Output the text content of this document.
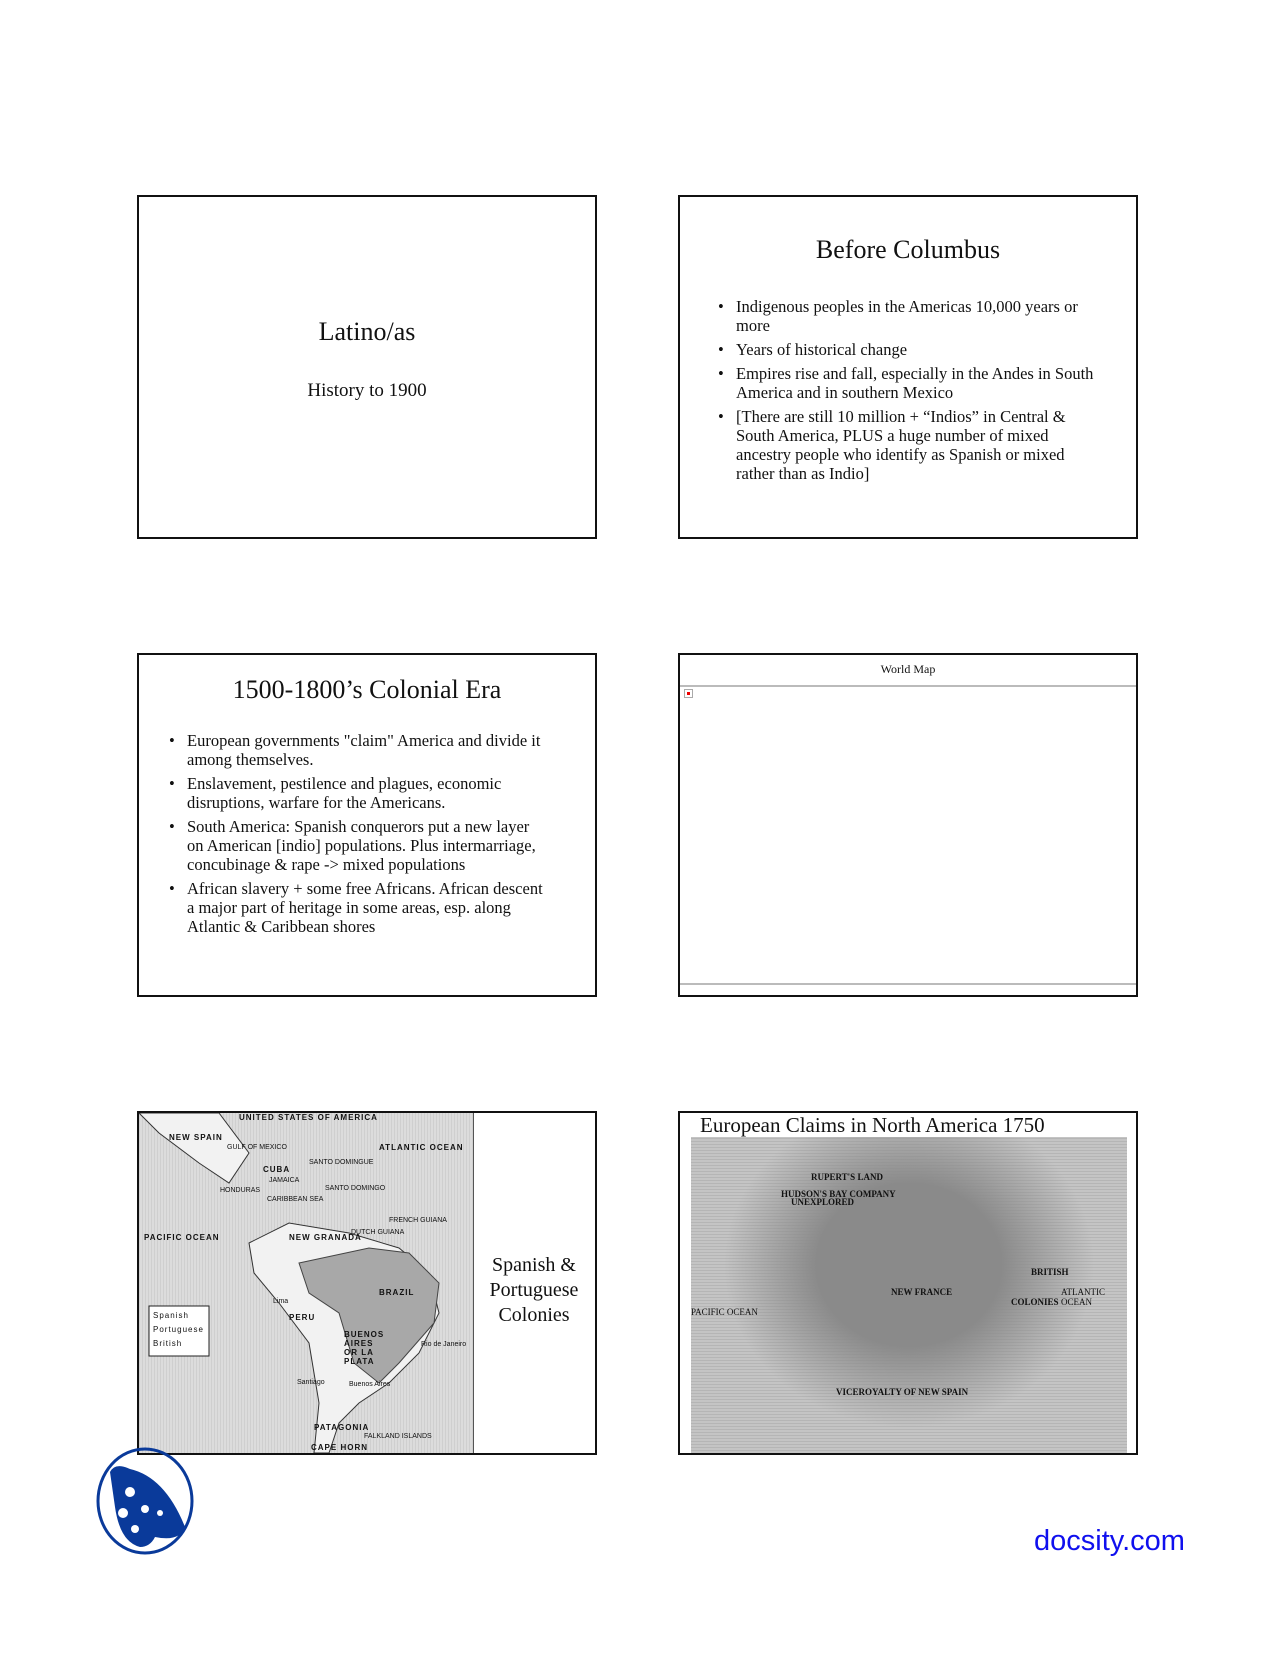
Latino/as
History to 1900
Before Columbus
• Indigenous peoples in the Americas 10,000 years or more
• Years of historical change
• Empires rise and fall, especially in the Andes in South America and in southern Mexico
• [There are still 10 million + “Indios” in Central & South America, PLUS a huge number of mixed ancestry people who identify as Spanish or mixed rather than as Indio]
1500-1800’s Colonial Era
• European governments "claim" America and divide it among themselves.
• Enslavement, pestilence and plagues, economic disruptions, warfare for the Americans.
• South America: Spanish conquerors put a new layer on American [indio] populations. Plus intermarriage, concubinage & rape -> mixed populations
• African slavery + some free Africans. African descent a major part of heritage in some areas, esp. along Atlantic & Caribbean shores
World Map
UNITED STATES OF AMERICA
NEW SPAIN
GULF OF MEXICO	ATLANTIC OCEAN
CUBA
SANTO DOMINGUE
SANTO DOMINGO
HONDURAS
JAMAICA
CARIBBEAN SEA
PACIFIC OCEAN	NEW GRANADA
DUTCH GUIANA
FRENCH GUIANA
BRAZIL
PERU
Lima
BUENOS AIRES OR LA PLATA
Rio de Janeiro
Buenos Aires
Santiago
PATAGONIA
FALKLAND ISLANDS
CAPE HORN
Spanish
Portuguese
British
Spanish & Portuguese Colonies
European Claims in North America 1750
RUPERT'S LAND
HUDSON'S BAY COMPANY
UNEXPLORED
NEW FRANCE
BRITISH
COLONIES
ATLANTIC OCEAN
PACIFIC OCEAN
VICEROYALTY OF NEW SPAIN
docsity.com
